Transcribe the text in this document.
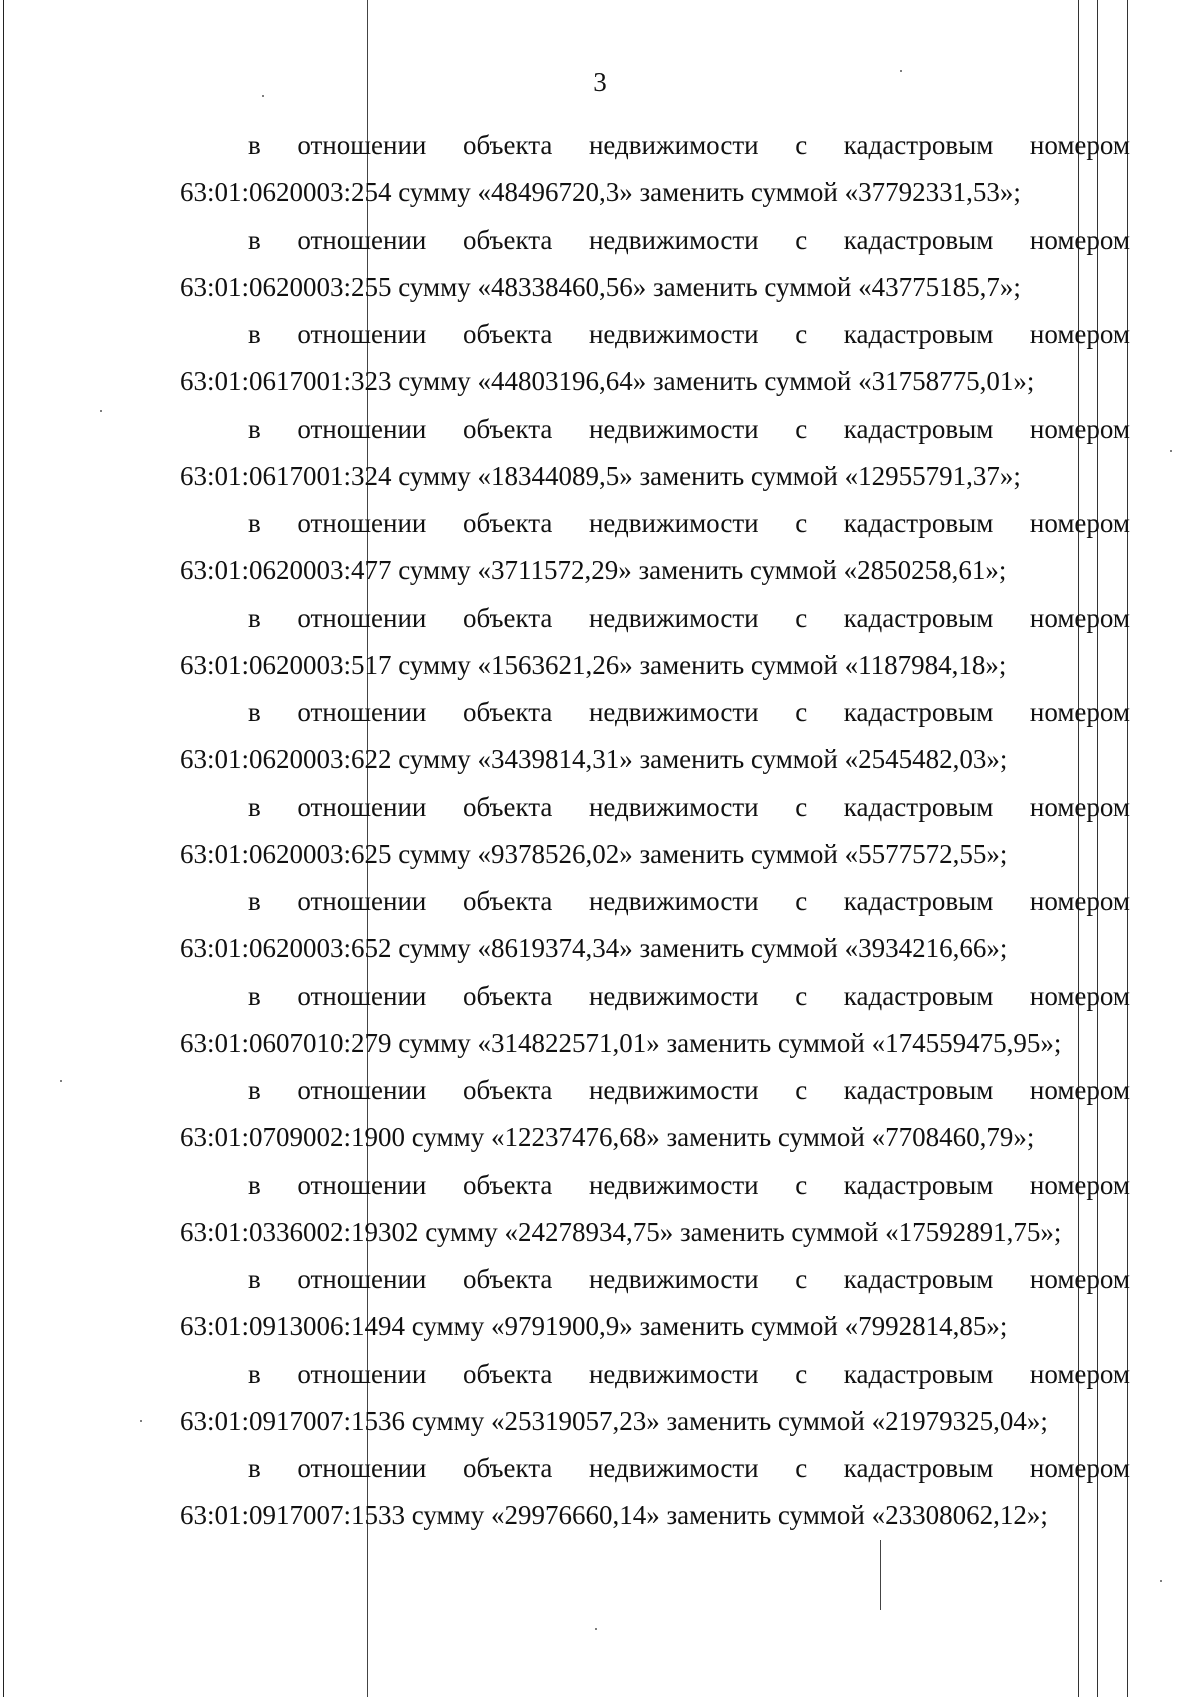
3
в отношении объекта недвижимости с кадастровым номером
63:01:0620003:254 сумму «48496720,3» заменить суммой «37792331,53»;
в отношении объекта недвижимости с кадастровым номером
63:01:0620003:255 сумму «48338460,56» заменить суммой «43775185,7»;
в отношении объекта недвижимости с кадастровым номером
63:01:0617001:323 сумму «44803196,64» заменить суммой «31758775,01»;
в отношении объекта недвижимости с кадастровым номером
63:01:0617001:324 сумму «18344089,5» заменить суммой «12955791,37»;
в отношении объекта недвижимости с кадастровым номером
63:01:0620003:477 сумму «3711572,29» заменить суммой «2850258,61»;
в отношении объекта недвижимости с кадастровым номером
63:01:0620003:517 сумму «1563621,26» заменить суммой «1187984,18»;
в отношении объекта недвижимости с кадастровым номером
63:01:0620003:622 сумму «3439814,31» заменить суммой «2545482,03»;
в отношении объекта недвижимости с кадастровым номером
63:01:0620003:625 сумму «9378526,02» заменить суммой «5577572,55»;
в отношении объекта недвижимости с кадастровым номером
63:01:0620003:652 сумму «8619374,34» заменить суммой «3934216,66»;
в отношении объекта недвижимости с кадастровым номером
63:01:0607010:279 сумму «314822571,01» заменить суммой «174559475,95»;
в отношении объекта недвижимости с кадастровым номером
63:01:0709002:1900 сумму «12237476,68» заменить суммой «7708460,79»;
в отношении объекта недвижимости с кадастровым номером
63:01:0336002:19302 сумму «24278934,75» заменить суммой «17592891,75»;
в отношении объекта недвижимости с кадастровым номером
63:01:0913006:1494 сумму «9791900,9» заменить суммой «7992814,85»;
в отношении объекта недвижимости с кадастровым номером
63:01:0917007:1536 сумму «25319057,23» заменить суммой «21979325,04»;
в отношении объекта недвижимости с кадастровым номером
63:01:0917007:1533 сумму «29976660,14» заменить суммой «23308062,12»;
